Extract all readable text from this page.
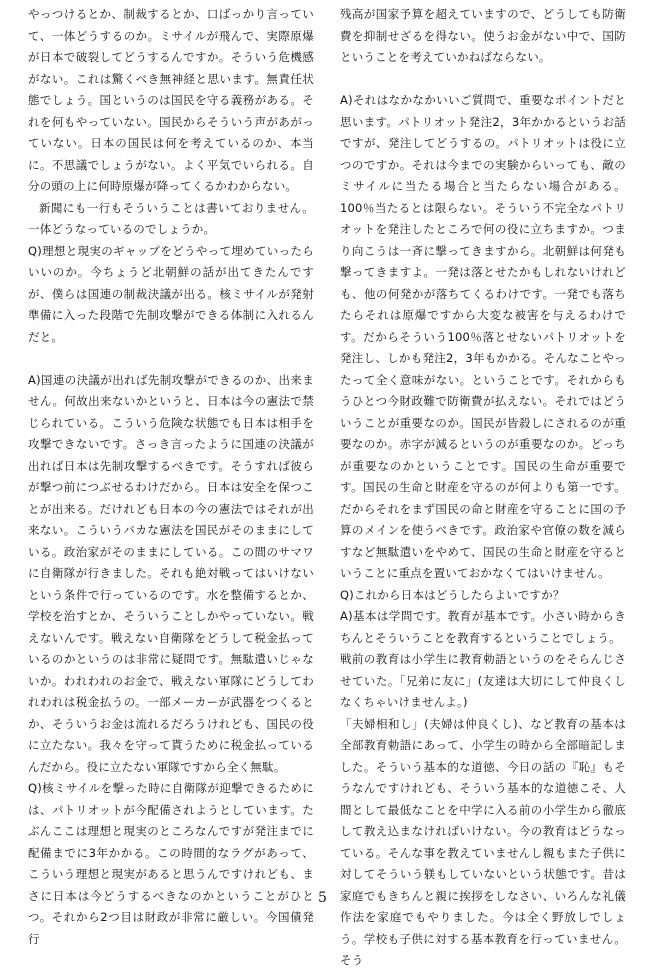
やっつけるとか、制裁するとか、口ばっかり言っていて、一体どうするのか。ミサイルが飛んで、実際原爆が日本で破裂してどうするんですか。そういう危機感がない。これは驚くべき無神経と思います。無責任状態でしょう。国というのは国民を守る義務がある。それを何もやっていない。国民からそういう声があがっていない。日本の国民は何を考えているのか、本当に。不思議でしょうがない。よく平気でいられる。自分の頭の上に何時原爆が降ってくるかわからない。

新聞にも一行もそういうことは書いておりません。一体どうなっているのでしょうか。

Q)理想と現実のギャップをどうやって埋めていったらいいのか。今ちょうど北朝鮮の話が出てきたんですが、僕らは国連の制裁決議が出る。核ミサイルが発射準備に入った段階で先制攻撃ができる体制に入れるんだと。

A)国連の決議が出れば先制攻撃ができるのか、出来ません。何故出来ないかというと、日本は今の憲法で禁じられている。こういう危険な状態でも日本は相手を攻撃できないです。さっき言ったように国連の決議が出れば日本は先制攻撃するべきです。そうすれば彼らが撃つ前につぶせるわけだから。日本は安全を保つことが出来る。だけれども日本の今の憲法ではそれが出来ない。こういうバカな憲法を国民がそのままにしている。政治家がそのままにしている。この間のサマワに自衛隊が行きました。それも絶対戦ってはいけないという条件で行っているのです。水を整備するとか、学校を治すとか、そういうことしかやっていない。戦えないんです。戦えない自衛隊をどうして税金払っているのかというのは非常に疑問です。無駄遣いじゃないか。われわれのお金で、戦えない軍隊にどうしてわれわれは税金払うの。一部メーカーが武器をつくるとか、そういうお金は流れるだろうけれども、国民の役に立たない。我々を守って貰うために税金払っているんだから。役に立たない軍隊ですから全く無駄。

Q)核ミサイルを撃った時に自衛隊が迎撃できるためには、パトリオットが今配備されようとしています。たぶんここは理想と現実のところなんですが発注までに配備までに3年かかる。この時間的なラグがあって、こういう理想と現実があると思うんですけれども、まさに日本は今どうするべきなのかということがひとつ。それから2つ目は財政が非常に厳しい。今国債発行

残高が国家予算を超えていますので、どうしても防衛費を抑制せざるを得ない。使うお金がない中で、国防ということを考えていかねばならない。

A)それはなかなかいいご質問で、重要なポイントだと思います。パトリオット発注2，3年かかるというお話ですが、発注してどうするの。パトリオットは役に立つのですか。それは今までの実験からいっても、敵のミサイルに当たる場合と当たらない場合がある。100％当たるとは限らない。そういう不完全なパトリオットを発注したところで何の役に立ちますか。つまり向こうは一斉に撃ってきますから。北朝鮮は何発も撃ってきますよ。一発は落とせたかもしれないけれども、他の何発かが落ちてくるわけです。一発でも落ちたらそれは原爆ですから大変な被害を与えるわけです。だからそういう100％落とせないパトリオットを発注し、しかも発注2，3年もかかる。そんなことやったって全く意味がない。ということです。それからもうひとつ今財政難で防衛費が払えない。それではどういうことが重要なのか。国民が皆殺しにされるのが重要なのか。赤字が減るというのが重要なのか。どっちが重要なのかということです。国民の生命が重要です。国民の生命と財産を守るのが何よりも第一です。だからそれをまず国民の命と財産を守ることに国の予算のメインを使うべきです。政治家や官僚の数を減らすなど無駄遣いをやめて、国民の生命と財産を守るということに重点を置いておかなくてはいけません。

Q)これから日本はどうしたらよいですか？

A)基本は学問です。教育が基本です。小さい時からきちんとそういうことを教育するということでしょう。

戦前の教育は小学生に教育勅語というのをそらんじさせていた。「兄弟に友に」(友達は大切にして仲良くしなくちゃいけませんよ。)

「夫婦相和し」(夫婦は仲良くし)、など教育の基本は全部教育勅語にあって、小学生の時から全部暗記しました。そういう基本的な道徳、今日の話の『恥』もそうなんですけれども、そういう基本的な道徳こそ、人間として最低なことを中学に入る前の小学生から徹底して教え込まなければいけない。今の教育はどうなっている。そんな事を教えていませんし親もまた子供に対してそういう躾もしていないという状態です。昔は家庭でもきちんと親に挨拶をしなさい、いろんな礼儀作法を家庭でもやりました。今は全く野放しでしょう。学校も子供に対する基本教育を行っていません。そう

5
